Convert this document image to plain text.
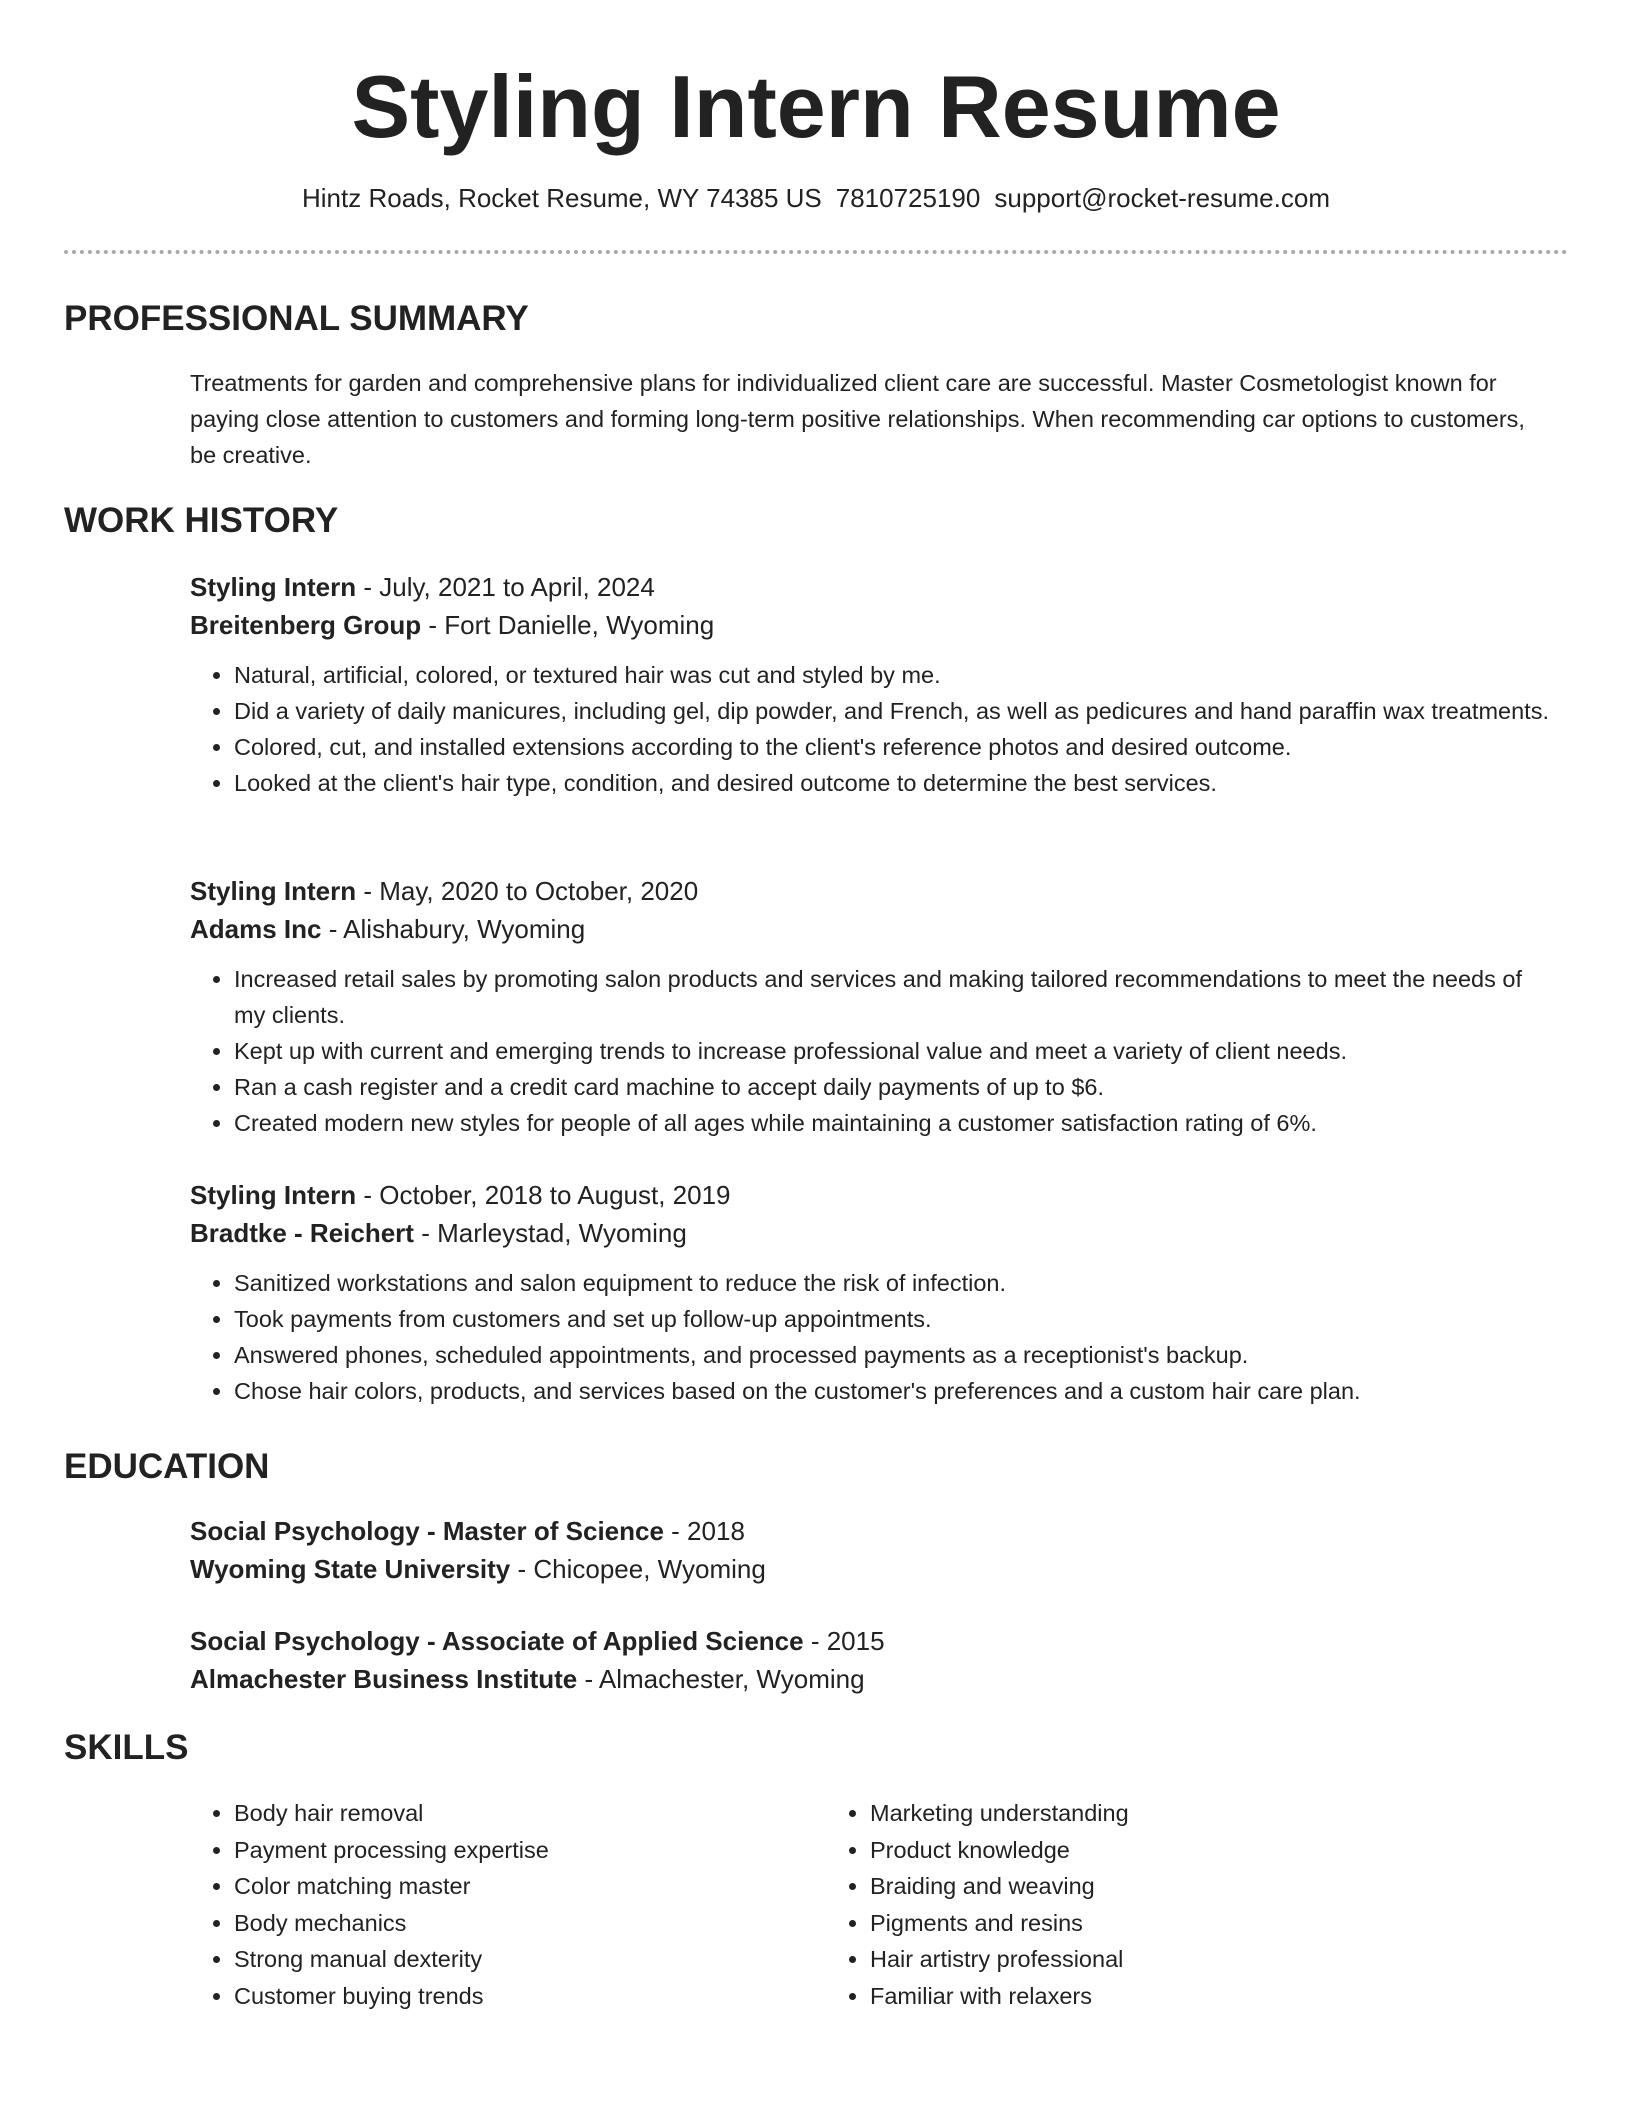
Styling Intern Resume
Hintz Roads, Rocket Resume, WY 74385 US 7810725190 support@rocket-resume.com
PROFESSIONAL SUMMARY

Treatments for garden and comprehensive plans for individualized client care are successful. Master Cosmetologist known for paying close attention to customers and forming long-term positive relationships. When recommending car options to customers, be creative.

WORK HISTORY
Styling Intern - July, 2021 to April, 2024
Breitenberg Group - Fort Danielle, Wyoming
• Natural, artificial, colored, or textured hair was cut and styled by me.
• Did a variety of daily manicures, including gel, dip powder, and French, as well as pedicures and hand paraffin wax treatments.
• Colored, cut, and installed extensions according to the client's reference photos and desired outcome.
• Looked at the client's hair type, condition, and desired outcome to determine the best services.
Styling Intern - May, 2020 to October, 2020
Adams Inc - Alishabury, Wyoming
• Increased retail sales by promoting salon products and services and making tailored recommendations to meet the needs of my clients.
• Kept up with current and emerging trends to increase professional value and meet a variety of client needs.
• Ran a cash register and a credit card machine to accept daily payments of up to $6.
• Created modern new styles for people of all ages while maintaining a customer satisfaction rating of 6%.
Styling Intern - October, 2018 to August, 2019
Bradtke - Reichert - Marleystad, Wyoming
• Sanitized workstations and salon equipment to reduce the risk of infection.
• Took payments from customers and set up follow-up appointments.
• Answered phones, scheduled appointments, and processed payments as a receptionist's backup.
• Chose hair colors, products, and services based on the customer's preferences and a custom hair care plan.
EDUCATION
Social Psychology - Master of Science - 2018
Wyoming State University - Chicopee, Wyoming
Social Psychology - Associate of Applied Science - 2015
Almachester Business Institute - Almachester, Wyoming
SKILLS
• Body hair removal
• Payment processing expertise
• Color matching master
• Body mechanics
• Strong manual dexterity
• Customer buying trends
• Marketing understanding
• Product knowledge
• Braiding and weaving
• Pigments and resins
• Hair artistry professional
• Familiar with relaxers
